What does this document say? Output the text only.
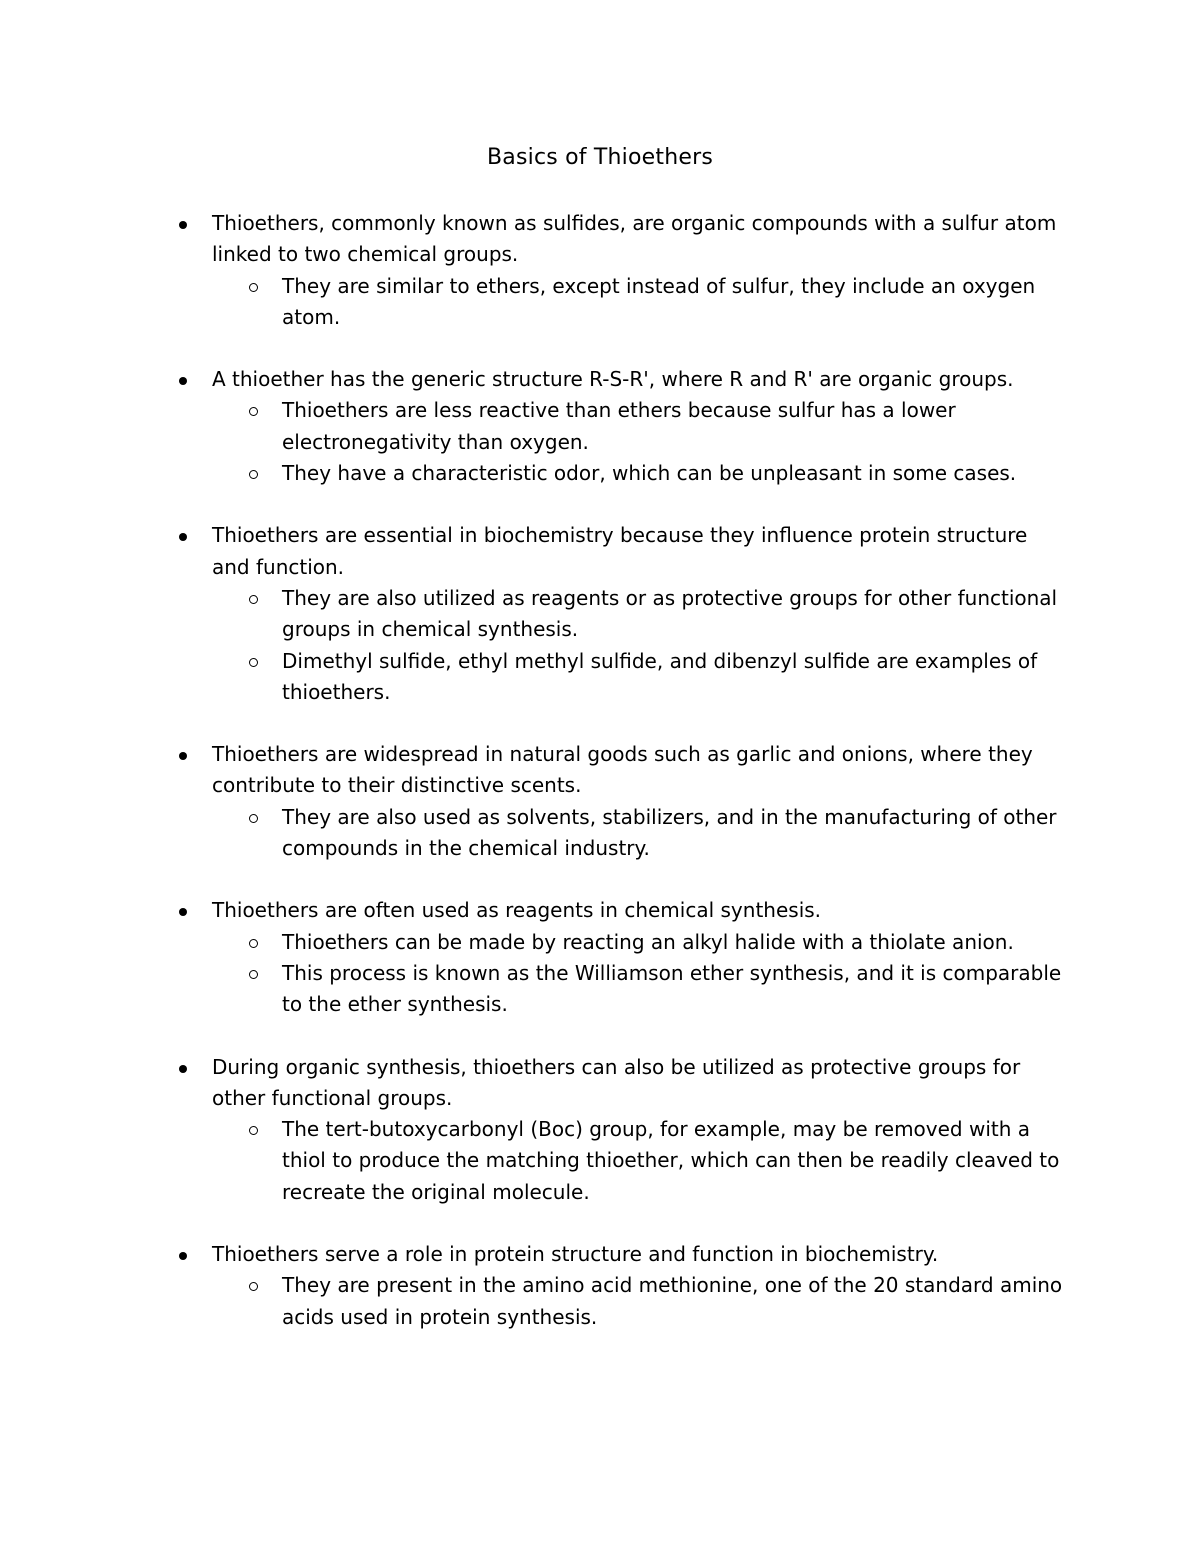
Basics of Thioethers
Thioethers, commonly known as sulfides, are organic compounds with a sulfur atom linked to two chemical groups.
They are similar to ethers, except instead of sulfur, they include an oxygen atom.
A thioether has the generic structure R-S-R', where R and R' are organic groups.
Thioethers are less reactive than ethers because sulfur has a lower electronegativity than oxygen.
They have a characteristic odor, which can be unpleasant in some cases.
Thioethers are essential in biochemistry because they influence protein structure and function.
They are also utilized as reagents or as protective groups for other functional groups in chemical synthesis.
Dimethyl sulfide, ethyl methyl sulfide, and dibenzyl sulfide are examples of thioethers.
Thioethers are widespread in natural goods such as garlic and onions, where they contribute to their distinctive scents.
They are also used as solvents, stabilizers, and in the manufacturing of other compounds in the chemical industry.
Thioethers are often used as reagents in chemical synthesis.
Thioethers can be made by reacting an alkyl halide with a thiolate anion.
This process is known as the Williamson ether synthesis, and it is comparable to the ether synthesis.
During organic synthesis, thioethers can also be utilized as protective groups for other functional groups.
The tert-butoxycarbonyl (Boc) group, for example, may be removed with a thiol to produce the matching thioether, which can then be readily cleaved to recreate the original molecule.
Thioethers serve a role in protein structure and function in biochemistry.
They are present in the amino acid methionine, one of the 20 standard amino acids used in protein synthesis.
